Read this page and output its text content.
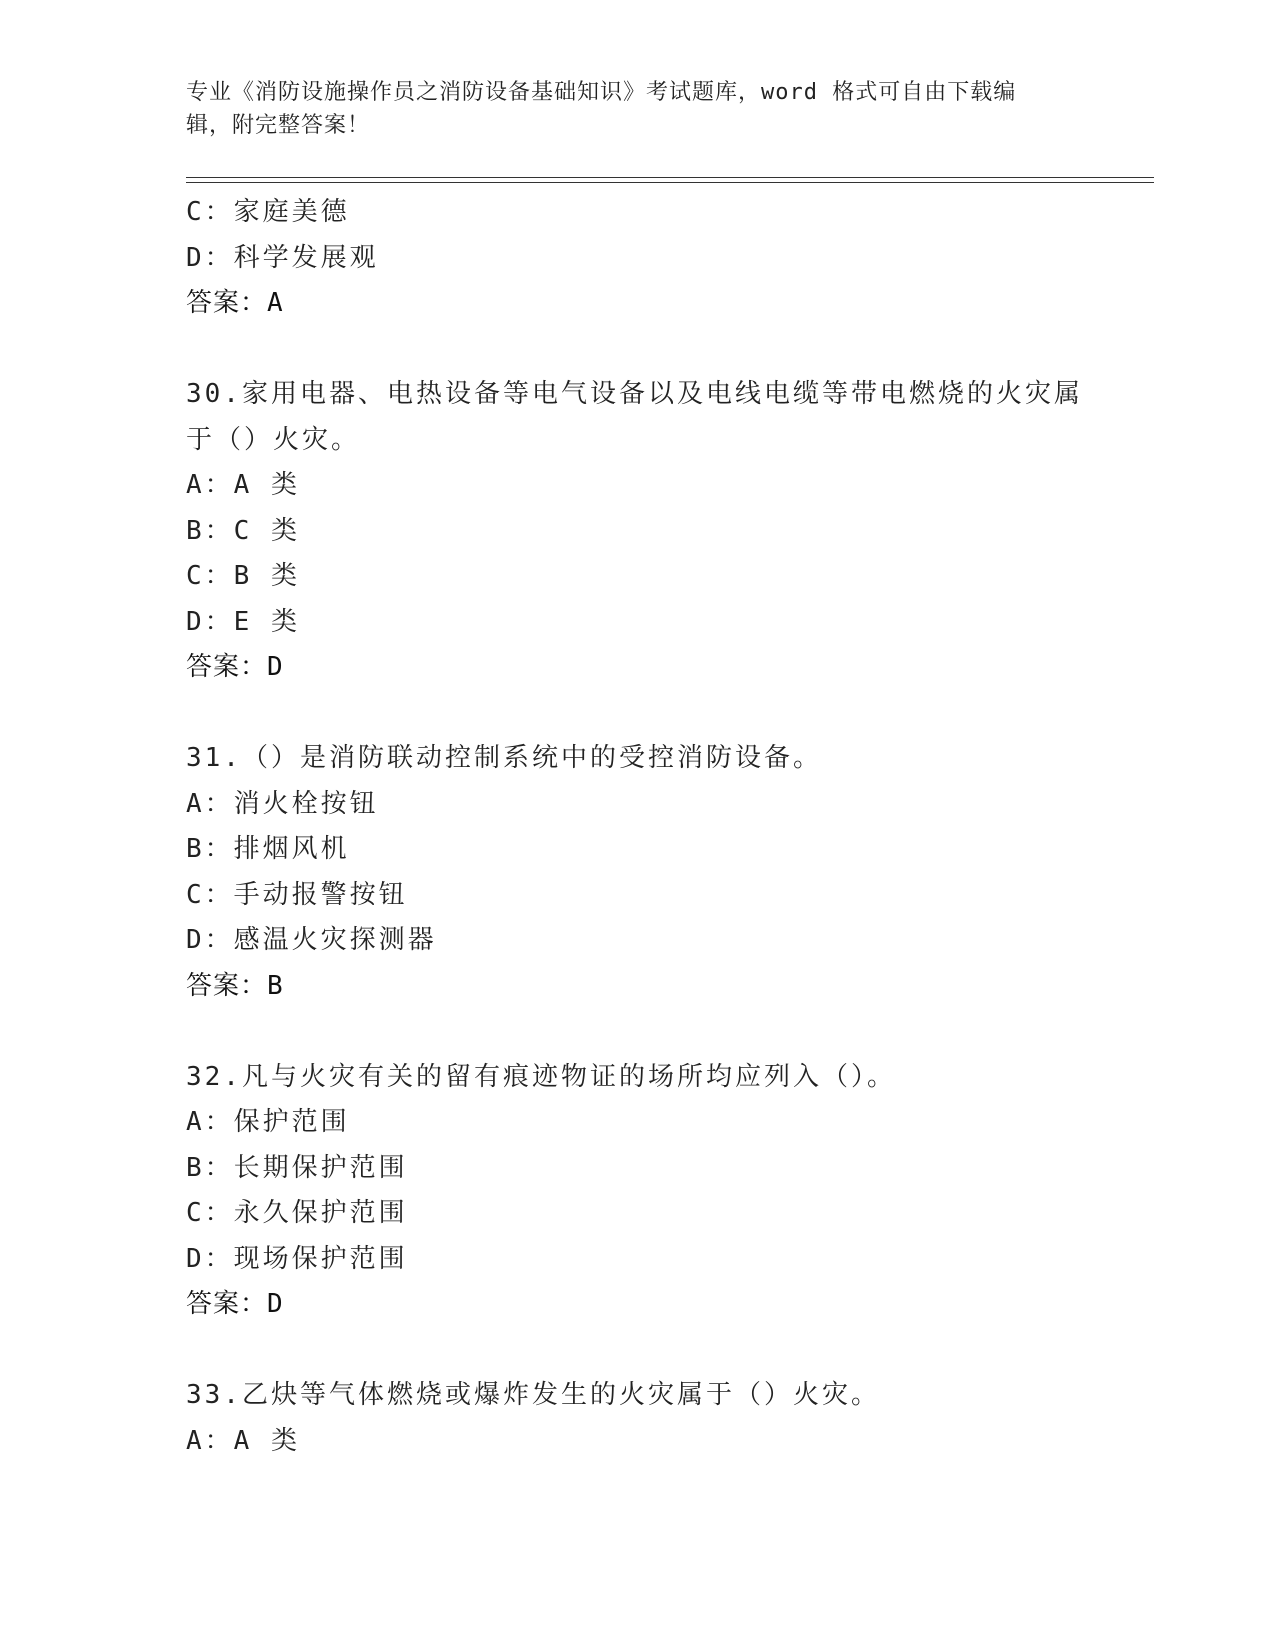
专业《消防设施操作员之消防设备基础知识》考试题库，word 格式可自由下载编
辑，附完整答案！
C：家庭美德
D：科学发展观
答案：A
30.家用电器、电热设备等电气设备以及电线电缆等带电燃烧的火灾属
于（）火灾。
A：A 类
B：C 类
C：B 类
D：E 类
答案：D
31.（）是消防联动控制系统中的受控消防设备。
A：消火栓按钮
B：排烟风机
C：手动报警按钮
D：感温火灾探测器
答案：B
32.凡与火灾有关的留有痕迹物证的场所均应列入（）。
A：保护范围
B：长期保护范围
C：永久保护范围
D：现场保护范围
答案：D
33.乙炔等气体燃烧或爆炸发生的火灾属于（）火灾。
A：A 类
